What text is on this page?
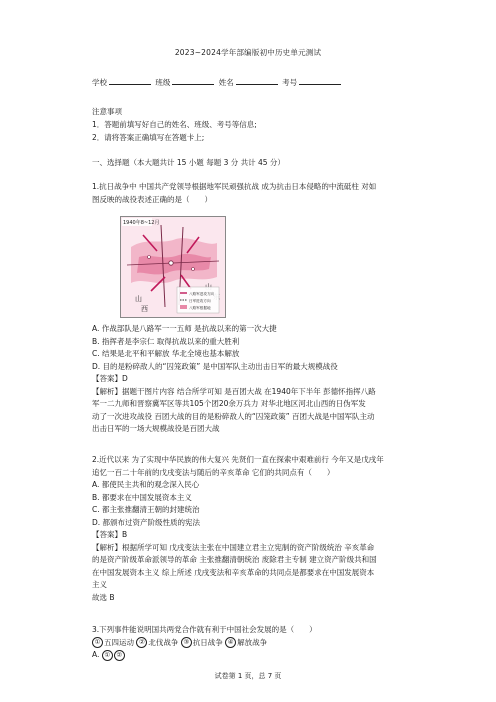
2023~2024学年部编版初中历史单元测试
学校	班级	姓名	考号
注意事项
1．答题前填写好自己的姓名、班级、考号等信息;
2．请将答案正确填写在答题卡上;
一、选择题（本大题共计 15 小题 每题 3 分 共计 45 分）

1.抗日战争中 中国共产党领导根据地军民顽强抗战 成为抗击日本侵略的中流砥柱 对如

图反映的战役表述正确的是（　　）

1940年8~12月
山
西
八路军进攻方向
日军进攻方向
八路军根据地

A. 作战部队是八路军一一五师 是抗战以来的第一次大捷

B. 指挥者是李宗仁 取得抗战以来的重大胜利

C. 结果是北平和平解放 华北全境也基本解放

D. 目的是粉碎敌人的“囚笼政策” 是中国军队主动出击日军的最大规模战役

【答案】D

【解析】据题干图片内容 结合所学可知 是百团大战 在1940年下半年 彭德怀指挥八路

军一二九师和晋察冀军区等共105个团20余万兵力 对华北地区河北山西的日伪军发

动了一次进攻战役 百团大战的目的是粉碎敌人的“囚笼政策” 百团大战是中国军队主动

出击日军的一场大规模战役是百团大战

2.近代以来 为了实现中华民族的伟大复兴 先贤们一直在探索中艰难前行 今年又是戊戌年

追忆一百二十年前的戊戌变法与随后的辛亥革命 它们的共同点有（　　）

A. 都使民主共和的观念深入民心

B. 都要求在中国发展资本主义

C. 都主张推翻清王朝的封建统治

D. 都颁布过资产阶级性质的宪法

【答案】B

【解析】根据所学可知 戊戌变法主张在中国建立君主立宪制的资产阶级统治 辛亥革命

的是资产阶级革命派领导的革命 主张推翻清朝统治 废除君主专制 建立资产阶级共和国

在中国发展资本主义 综上所述 戊戌变法和辛亥革命的共同点是都要求在中国发展资本

主义

故选 B

3.下列事件能说明国共两党合作就有利于中国社会发展的是（　　）

① 五四运动 ② 北伐战争 ③ 抗日战争 ④ 解放战争

A. ① ②

试卷第 1 页，总 7 页
